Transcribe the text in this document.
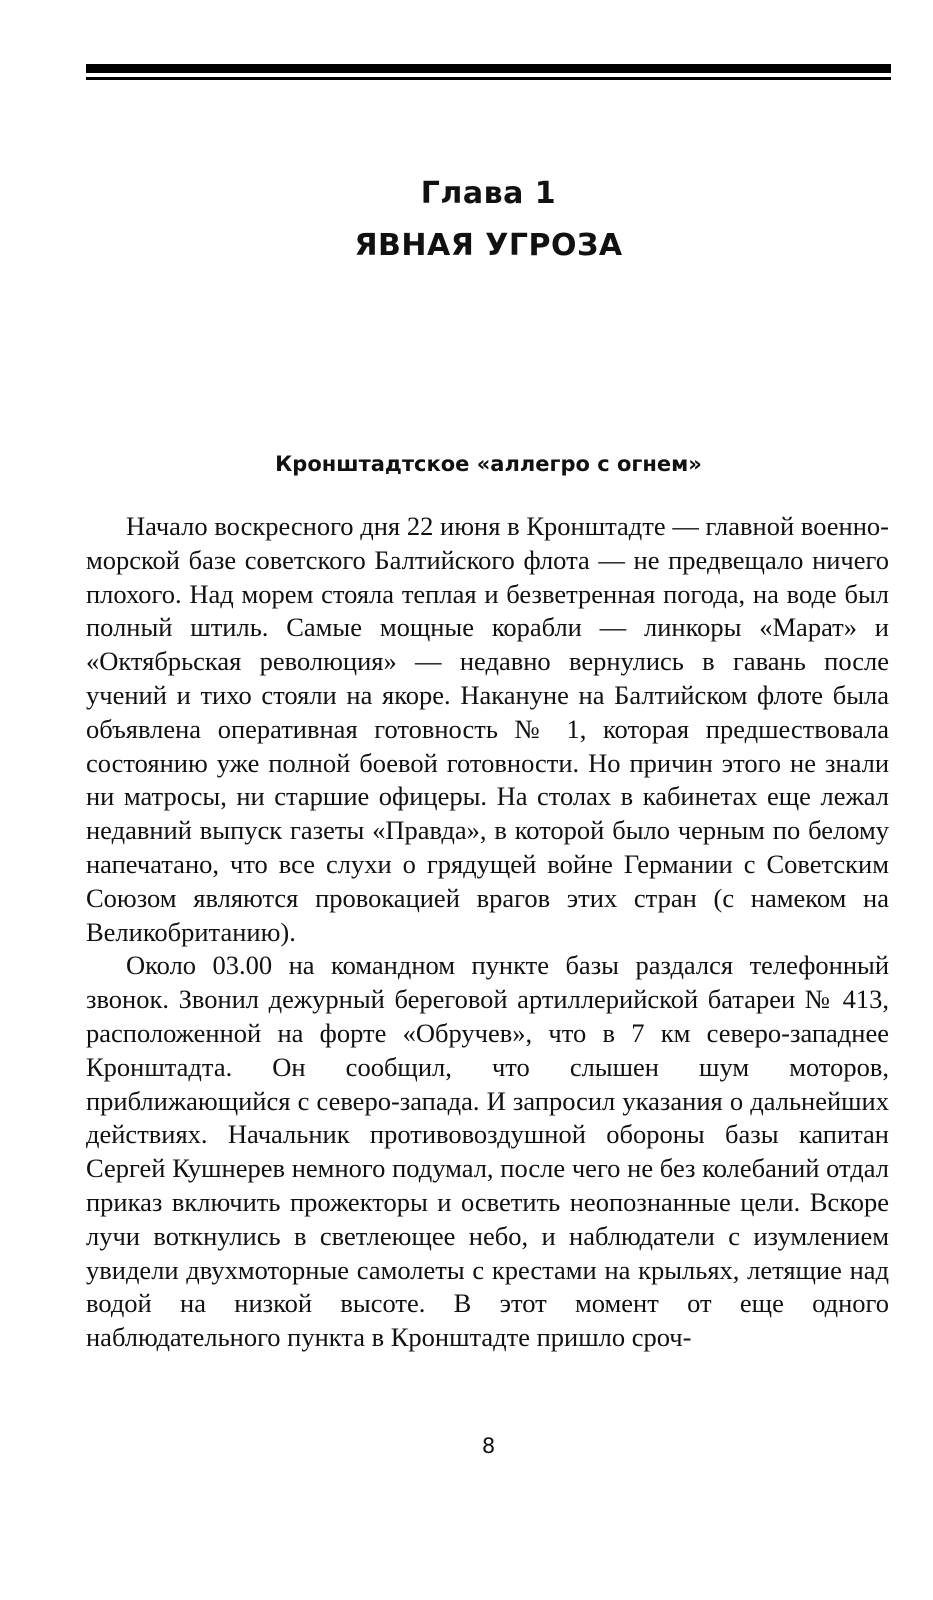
Глава 1
ЯВНАЯ УГРОЗА
Кронштадтское «аллегро с огнем»

Начало воскресного дня 22 июня в Кронштадте — главной военно-морской базе советского Балтийского флота — не предвещало ничего плохого. Над морем стояла теплая и безветренная погода, на воде был полный штиль. Самые мощные корабли — линкоры «Марат» и «Октябрьская революция» — недавно вернулись в гавань после учений и тихо стояли на якоре. Накануне на Балтийском флоте была объявлена оперативная готовность № 1, которая предшествовала состоянию уже полной боевой готовности. Но причин этого не знали ни матросы, ни старшие офицеры. На столах в кабинетах еще лежал недавний выпуск газеты «Правда», в которой было черным по белому напечатано, что все слухи о грядущей войне Германии с Советским Союзом являются провокацией врагов этих стран (с намеком на Великобританию).

Около 03.00 на командном пункте базы раздался телефонный звонок. Звонил дежурный береговой артиллерийской батареи № 413, расположенной на форте «Обручев», что в 7 км северо-западнее Кронштадта. Он сообщил, что слышен шум моторов, приближающийся с северо-запада. И запросил указания о дальнейших действиях. Начальник противовоздушной обороны базы капитан Сергей Кушнерев немного подумал, после чего не без колебаний отдал приказ включить прожекторы и осветить неопознанные цели. Вскоре лучи воткнулись в светлеющее небо, и наблюдатели с изумлением увидели двухмоторные самолеты с крестами на крыльях, летящие над водой на низкой высоте. В этот момент от еще одного наблюдательного пункта в Кронштадте пришло сроч-

8
